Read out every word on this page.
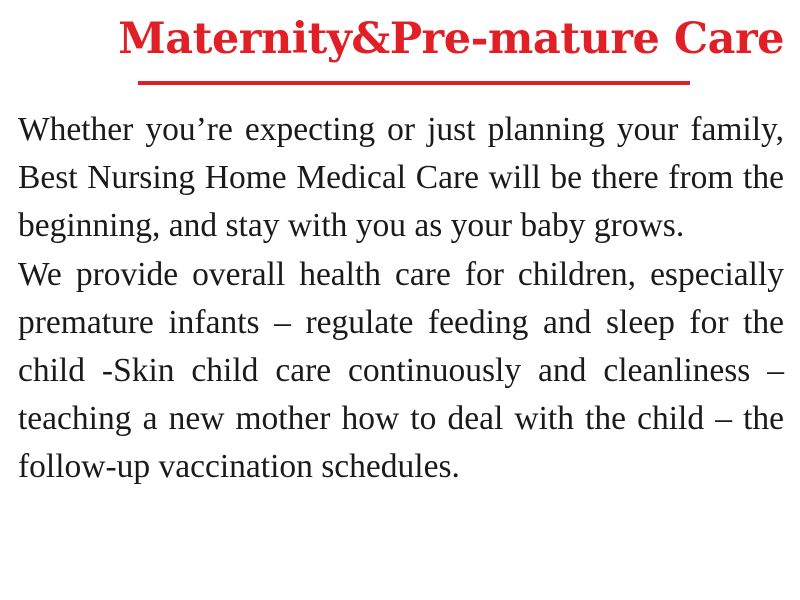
Maternity&Pre-mature Care

Whether you’re expecting or just planning your family, Best Nursing Home Medical Care will be there from the beginning, and stay with you as your baby grows.

We provide overall health care for children, especially premature infants – regulate feeding and sleep for the child -Skin child care continuously and cleanliness – teaching a new mother how to deal with the child – the follow-up vaccination schedules.
